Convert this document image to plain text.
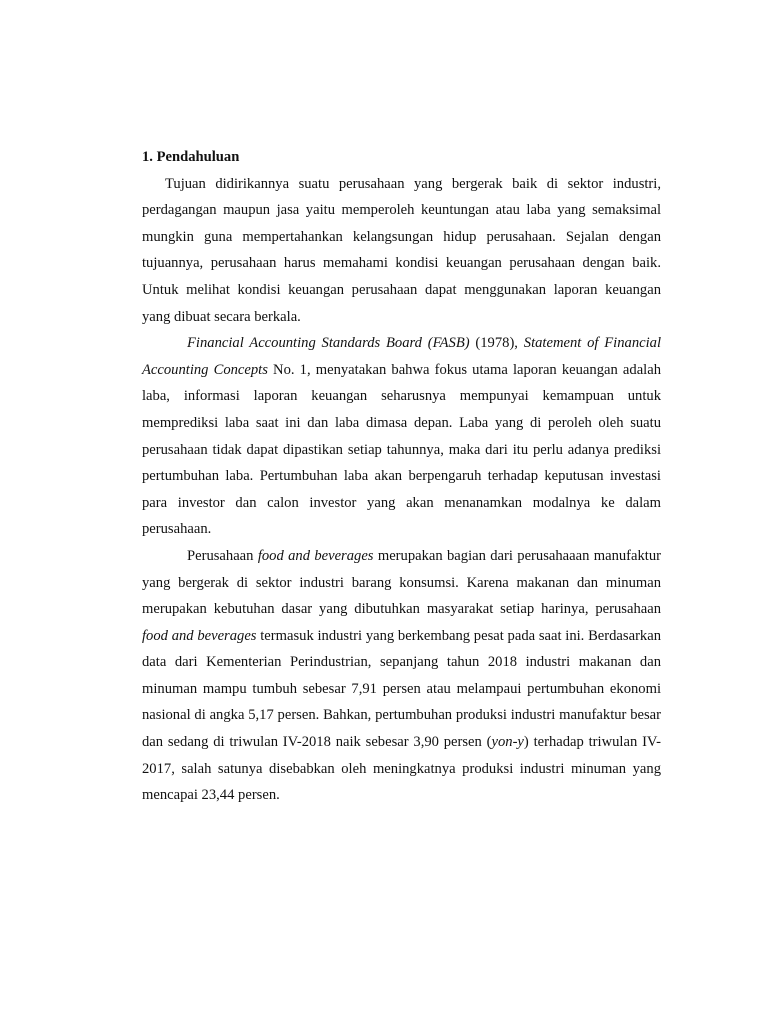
1. Pendahuluan

Tujuan didirikannya suatu perusahaan yang bergerak baik di sektor industri, perdagangan maupun jasa yaitu memperoleh keuntungan atau laba yang semaksimal mungkin guna mempertahankan kelangsungan hidup perusahaan. Sejalan dengan tujuannya, perusahaan harus memahami kondisi keuangan perusahaan dengan baik. Untuk melihat kondisi keuangan perusahaan dapat menggunakan laporan keuangan yang dibuat secara berkala.

Financial Accounting Standards Board (FASB) (1978), Statement of Financial Accounting Concepts No. 1, menyatakan bahwa fokus utama laporan keuangan adalah laba, informasi laporan keuangan seharusnya mempunyai kemampuan untuk memprediksi laba saat ini dan laba dimasa depan. Laba yang di peroleh oleh suatu perusahaan tidak dapat dipastikan setiap tahunnya, maka dari itu perlu adanya prediksi pertumbuhan laba. Pertumbuhan laba akan berpengaruh terhadap keputusan investasi para investor dan calon investor yang akan menanamkan modalnya ke dalam perusahaan.

Perusahaan food and beverages merupakan bagian dari perusahaaan manufaktur yang bergerak di sektor industri barang konsumsi. Karena makanan dan minuman merupakan kebutuhan dasar yang dibutuhkan masyarakat setiap harinya, perusahaan food and beverages termasuk industri yang berkembang pesat pada saat ini. Berdasarkan data dari Kementerian Perindustrian, sepanjang tahun 2018 industri makanan dan minuman mampu tumbuh sebesar 7,91 persen atau melampaui pertumbuhan ekonomi nasional di angka 5,17 persen. Bahkan, pertumbuhan produksi industri manufaktur besar dan sedang di triwulan IV-2018 naik sebesar 3,90 persen (yon-y) terhadap triwulan IV-2017, salah satunya disebabkan oleh meningkatnya produksi industri minuman yang mencapai 23,44 persen.
